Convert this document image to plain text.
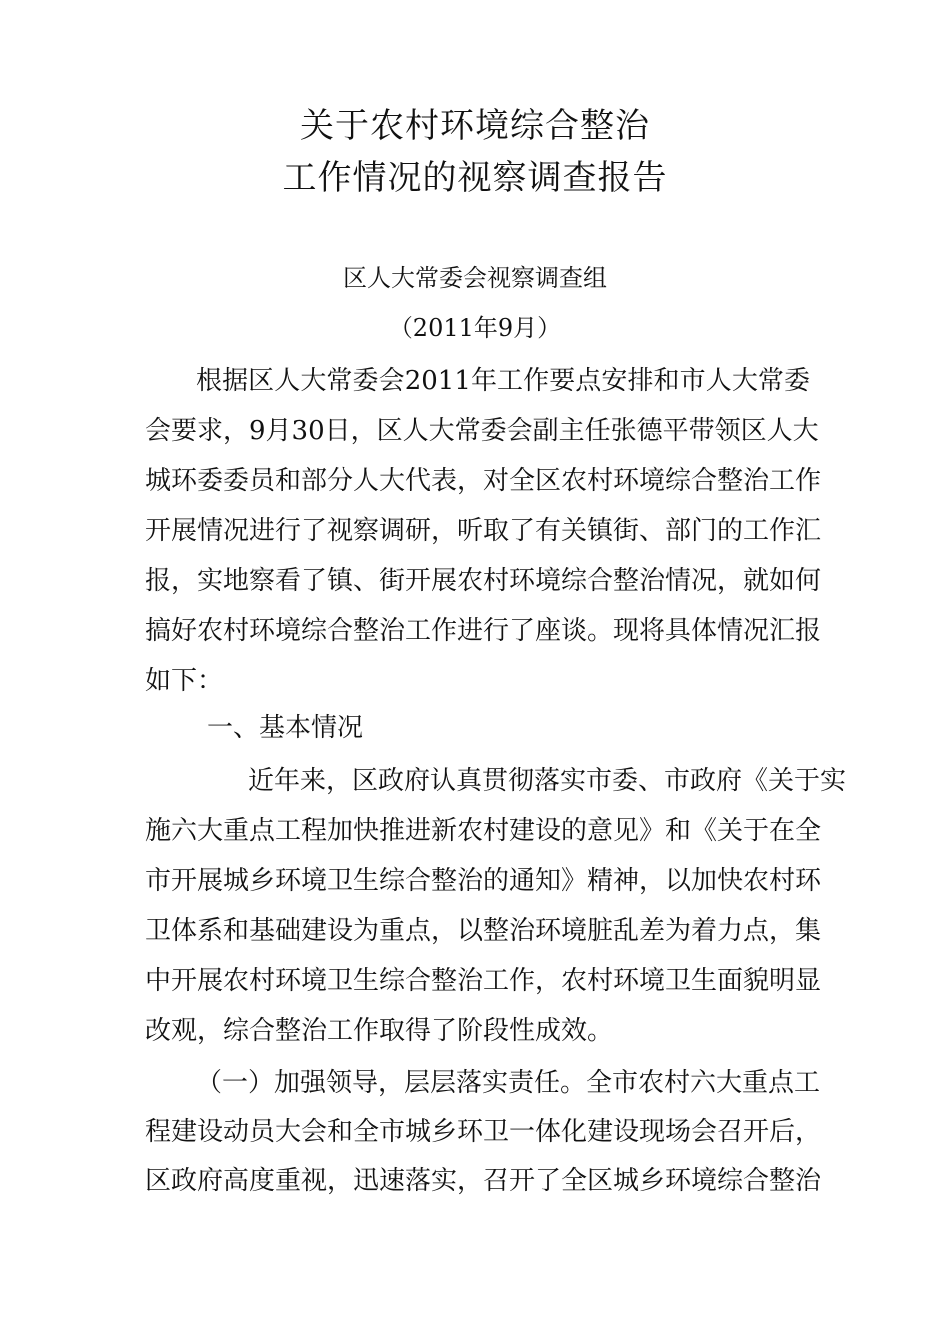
关于农村环境综合整治
工作情况的视察调查报告
区人大常委会视察调查组
（2011年9月）
根据区人大常委会2011年工作要点安排和市人大常委
会要求，9月30日，区人大常委会副主任张德平带领区人大
城环委委员和部分人大代表，对全区农村环境综合整治工作
开展情况进行了视察调研，听取了有关镇街、部门的工作汇
报，实地察看了镇、街开展农村环境综合整治情况，就如何
搞好农村环境综合整治工作进行了座谈。现将具体情况汇报
如下：
一、基本情况
近年来，区政府认真贯彻落实市委、市政府《关于实
施六大重点工程加快推进新农村建设的意见》和《关于在全
市开展城乡环境卫生综合整治的通知》精神，以加快农村环
卫体系和基础建设为重点，以整治环境脏乱差为着力点，集
中开展农村环境卫生综合整治工作，农村环境卫生面貌明显
改观，综合整治工作取得了阶段性成效。
（一）加强领导，层层落实责任。全市农村六大重点工
程建设动员大会和全市城乡环卫一体化建设现场会召开后，
区政府高度重视，迅速落实，召开了全区城乡环境综合整治
